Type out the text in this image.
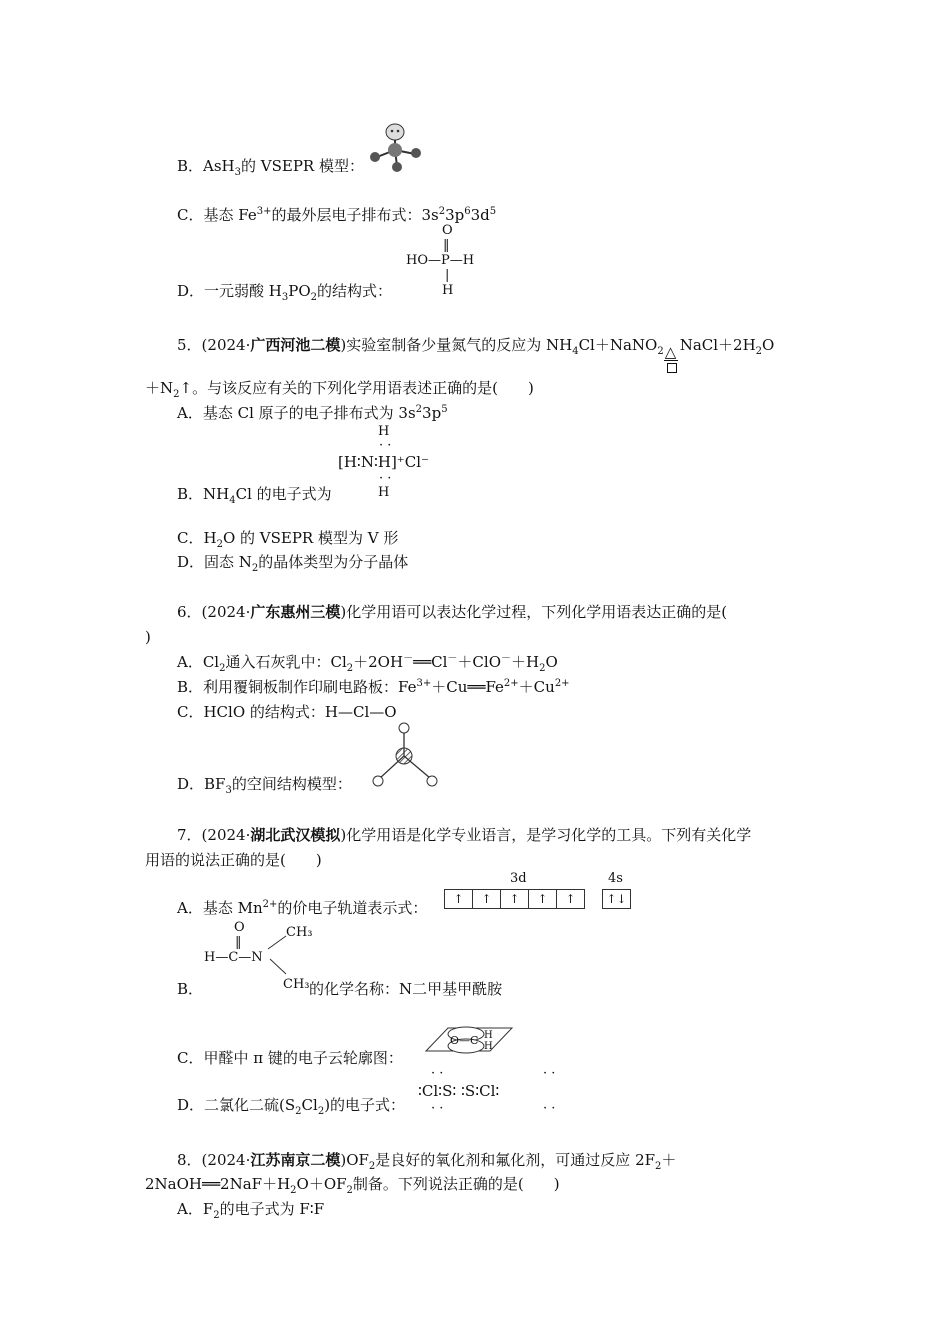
B．AsH$_3$的 VSEPR 模型：
C．基态 $Fe^{3+}$的最外层电子排布式：$3s^23p^63d^5$
O
‖
HO—P—H
|
H
D．一元弱酸 $H_3PO_2$的结构式：
5．(2024·广西河池二模)实验室制备少量氮气的反应为 $NH_4Cl+NaNO_2$ △ $NaCl+2H_2O$
$+N_2↑$。与该反应有关的下列化学用语表述正确的是(　　)
A．基态 Cl 原子的电子排布式为 $3s^23p^5$
H
· ·
[H∶N∶H]⁺Cl⁻
· ·
H
B．$NH_4Cl$ 的电子式为
C．$H_2O$ 的 VSEPR 模型为 V 形
D．固态 $N_2$的晶体类型为分子晶体
6．(2024·广东惠州三模)化学用语可以表达化学过程，下列化学用语表达正确的是(
)
A．$Cl_2$通入石灰乳中：$Cl_2+2OH^-══Cl^-+ClO^-+H_2O$
B．利用覆铜板制作印刷电路板：$Fe^{3+}+Cu══Fe^{2+}+Cu^{2+}$
C．HClO 的结构式：H—Cl—O
D．$BF_3$的空间结构模型：
7．(2024·湖北武汉模拟)化学用语是化学专业语言，是学习化学的工具。下列有关化学
用语的说法正确的是(　　)
3d	4s
↑	↑	↑	↑	↑	↑↓
A．基态 $Mn^{2+}$的价电子轨道表示式：
O
‖
H—C—N
CH₃
CH₃
B．	的化学名称：N二甲基甲酰胺
O—C H
H
C．甲醛中 π 键的电子云轮廓图：
· ·	· ·
∶Cl∶S∶ ∶S∶Cl∶
· ·	· ·
D．二氯化二硫$(S_2Cl_2)$的电子式：
8．(2024·江苏南京二模)$OF_2$是良好的氧化剂和氟化剂，可通过反应 $2F_2+$
$2NaOH══2NaF+H_2O+OF_2$制备。下列说法正确的是(　　)
A．$F_2$的电子式为 F∶F
